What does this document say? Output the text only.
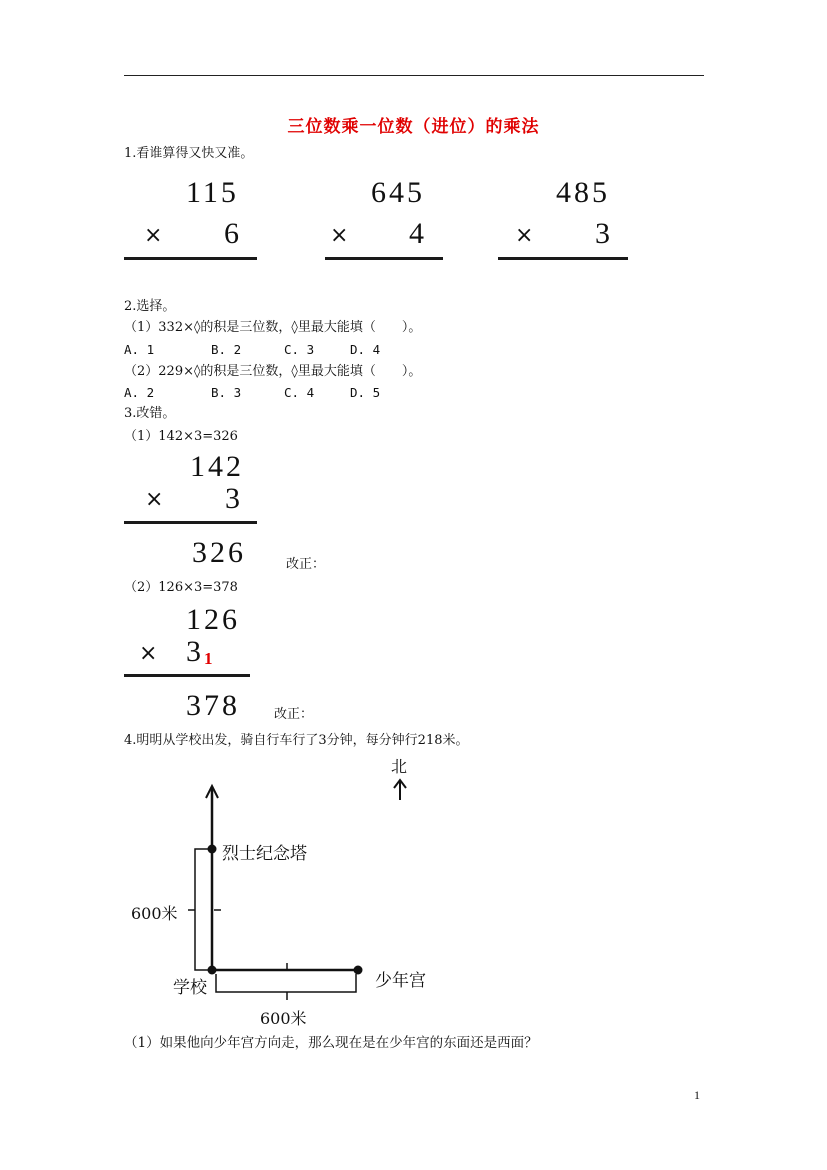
三位数乘一位数（进位）的乘法
1.看谁算得又快又准。
115
× 6
645
× 4
485
× 3
2.选择。
（1）332×◊的积是三位数，◊里最大能填（　　）。
A. 1	B. 2	C. 3	D. 4
（2）229×◊的积是三位数，◊里最大能填（　　）。
A. 2	B. 3	C. 4	D. 5
3.改错。
（1）142×3=326
142
× 3
326	改正：
（2）126×3=378
126
× 3 1
378	改正：
4.明明从学校出发，骑自行车行了3分钟，每分钟行218米。
北
烈士纪念塔
600米
学校	少年宫
600米
（1）如果他向少年宫方向走，那么现在是在少年宫的东面还是西面？
1
